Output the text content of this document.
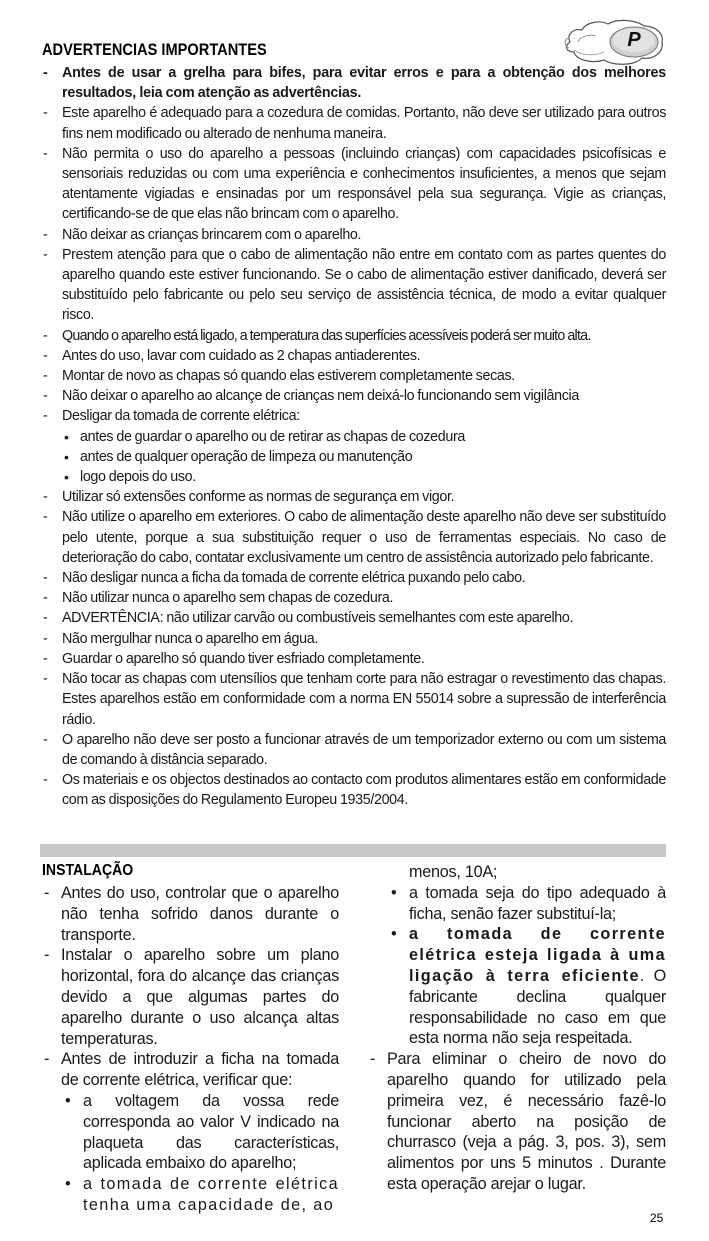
P
ADVERTENCIAS IMPORTANTES
- Antes de usar a grelha para bifes, para evitar erros e para a obtenção dos melhores resultados, leia com atenção as advertências.
- Este aparelho é adequado para a cozedura de comidas. Portanto, não deve ser utilizado para outros fins nem modificado ou alterado de nenhuma maneira.
- Não permita o uso do aparelho a pessoas (incluindo crianças) com capacidades psicofísicas e sensoriais reduzidas ou com uma experiência e conhecimentos insuficientes, a menos que sejam atentamente vigiadas e ensinadas por um responsável pela sua segurança. Vigie as crianças, certificando-se de que elas não brincam com o aparelho.
- Não deixar as crianças brincarem com o aparelho.
- Prestem atenção para que o cabo de alimentação não entre em contato com as partes quentes do aparelho quando este estiver funcionando. Se o cabo de alimentação estiver danificado, deverá ser substituído pelo fabricante ou pelo seu serviço de assistência técnica, de modo a evitar qualquer risco.
- Quando o aparelho está ligado, a temperatura das superfícies acessíveis poderá ser muito alta.
- Antes do uso, lavar com cuidado as 2 chapas antiaderentes.
- Montar de novo as chapas só quando elas estiverem completamente secas.
- Não deixar o aparelho ao alcançe de crianças nem deixá-lo funcionando sem vigilância
- Desligar da tomada de corrente elétrica:
• antes de guardar o aparelho ou de retirar as chapas de cozedura
• antes de qualquer operação de limpeza ou manutenção
• logo depois do uso.
- Utilizar só extensões conforme as normas de segurança em vigor.
- Não utilize o aparelho em exteriores. O cabo de alimentação deste aparelho não deve ser substituído pelo utente, porque a sua substituição requer o uso de ferramentas especiais. No caso de deterioração do cabo, contatar exclusivamente um centro de assistência autorizado pelo fabricante.
- Não desligar nunca a ficha da tomada de corrente elétrica puxando pelo cabo.
- Não utilizar nunca o aparelho sem chapas de cozedura.
- ADVERTÊNCIA: não utilizar carvão ou combustíveis semelhantes com este aparelho.
- Não mergulhar nunca o aparelho em água.
- Guardar o aparelho só quando tiver esfriado completamente.
- Não tocar as chapas com utensílios que tenham corte para não estragar o revestimento das chapas. Estes aparelhos estão em conformidade com a norma EN 55014 sobre a supressão de interferência rádio.
- O aparelho não deve ser posto a funcionar através de um temporizador externo ou com um sistema de comando à distância separado.
- Os materiais e os objectos destinados ao contacto com produtos alimentares estão em conformidade com as disposições do Regulamento Europeu 1935/2004.
INSTALAÇÃO
- Antes do uso, controlar que o aparelho não tenha sofrido danos durante o transporte.
- Instalar o aparelho sobre um plano horizontal, fora do alcançe das crianças devido a que algumas partes do aparelho durante o uso alcança altas temperaturas.
- Antes de introduzir a ficha na tomada de corrente elétrica, verificar que:
• a voltagem da vossa rede corresponda ao valor V indicado na plaqueta das características, aplicada embaixo do aparelho;
• a tomada de corrente elétrica tenha uma capacidade de, ao
menos, 10A;
• a tomada seja do tipo adequado à ficha, senão fazer substituí-la;
• a tomada de corrente elétrica esteja ligada à uma ligação à terra eficiente. O fabricante declina qualquer responsabilidade no caso em que esta norma não seja respeitada.
- Para eliminar o cheiro de novo do aparelho quando for utilizado pela primeira vez, é necessário fazê-lo funcionar aberto na posição de churrasco (veja a pág. 3, pos. 3), sem alimentos por uns 5 minutos . Durante esta operação arejar o lugar.
25
